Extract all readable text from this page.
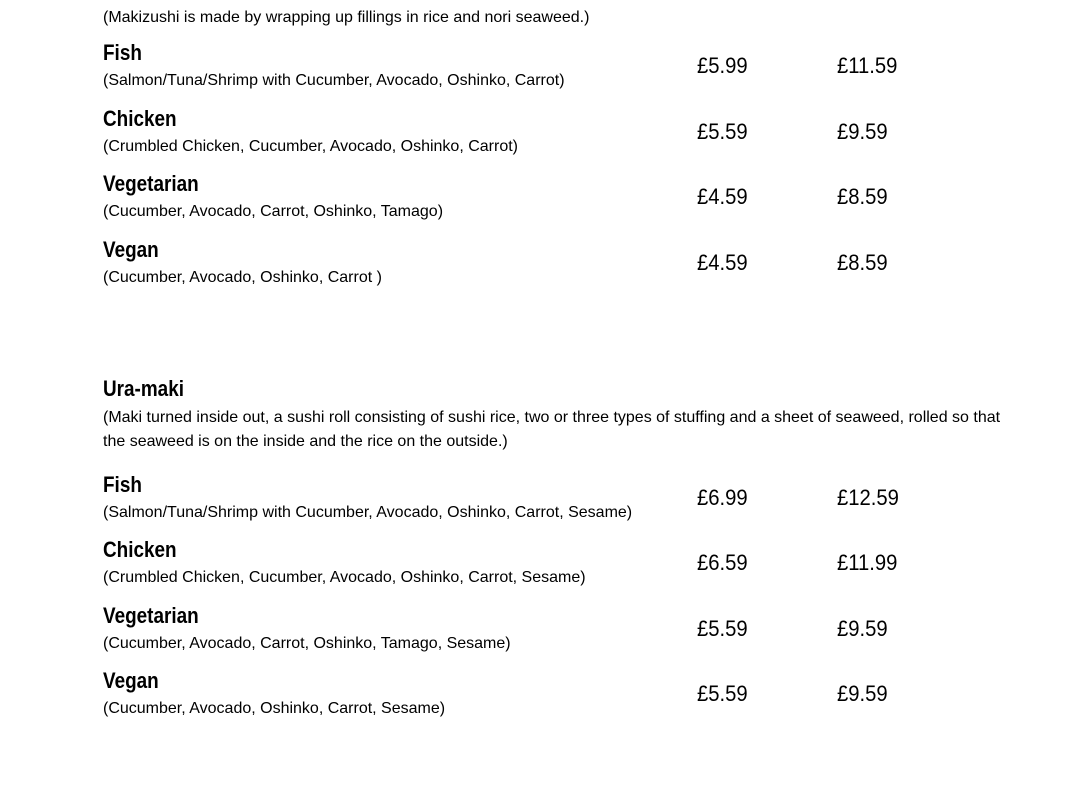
(Makizushi is made by wrapping up fillings in rice and nori seaweed.)
Fish
(Salmon/Tuna/Shrimp with Cucumber, Avocado, Oshinko, Carrot)
£5.99	£11.59
Chicken
(Crumbled Chicken, Cucumber, Avocado, Oshinko, Carrot)
£5.59	£9.59
Vegetarian
(Cucumber, Avocado, Carrot, Oshinko, Tamago)
£4.59	£8.59
Vegan
(Cucumber, Avocado, Oshinko, Carrot )
£4.59	£8.59
Ura-maki
(Maki turned inside out, a sushi roll consisting of sushi rice, two or three types of stuffing and a sheet of seaweed, rolled so that the seaweed is on the inside and the rice on the outside.)
Fish
(Salmon/Tuna/Shrimp with Cucumber, Avocado, Oshinko, Carrot, Sesame)
£6.99	£12.59
Chicken
(Crumbled Chicken, Cucumber, Avocado, Oshinko, Carrot, Sesame)
£6.59	£11.99
Vegetarian
(Cucumber, Avocado, Carrot, Oshinko, Tamago, Sesame)
£5.59	£9.59
Vegan
(Cucumber, Avocado, Oshinko, Carrot, Sesame)
£5.59	£9.59
